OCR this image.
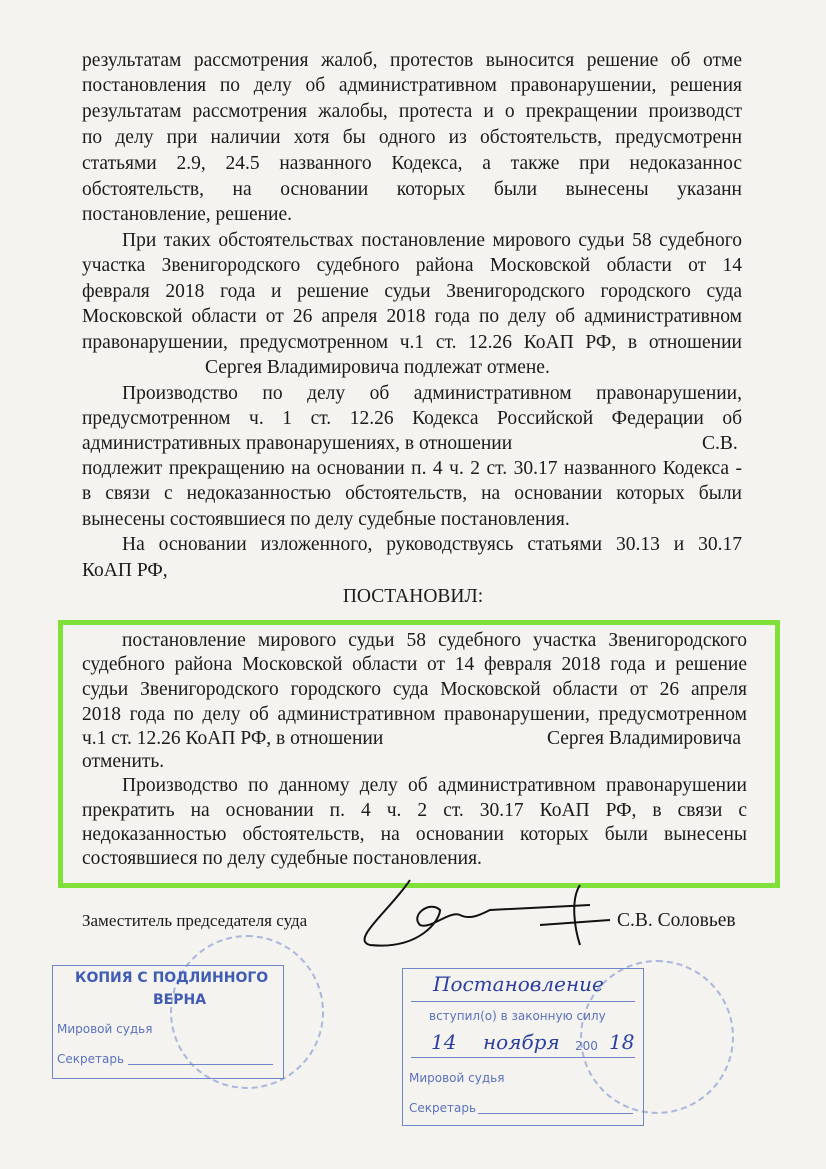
результатам рассмотрения жалоб, протестов выносится решение об отме
постановления по делу об административном правонарушении, решения
результатам рассмотрения жалобы, протеста и о прекращении производст
по делу при наличии хотя бы одного из обстоятельств, предусмотренн
статьями 2.9, 24.5 названного Кодекса, а также при недоказаннос
обстоятельств, на основании которых были вынесены указанн
постановление, решение.
При таких обстоятельствах постановление мирового судьи 58 судебного
участка Звенигородского судебного района Московской области от 14
февраля 2018 года и решение судьи Звенигородского городского суда
Московской области от 26 апреля 2018 года по делу об административном
правонарушении, предусмотренном ч.1 ст. 12.26 КоАП РФ, в отношении
Сергея Владимировича подлежат отмене.
Производство по делу об административном правонарушении,
предусмотренном ч. 1 ст. 12.26 Кодекса Российской Федерации об
административных правонарушениях, в отношении	С.В.
подлежит прекращению на основании п. 4 ч. 2 ст. 30.17 названного Кодекса -
в связи с недоказанностью обстоятельств, на основании которых были
вынесены состоявшиеся по делу судебные постановления.
На основании изложенного, руководствуясь статьями 30.13 и 30.17
КоАП РФ,
ПОСТАНОВИЛ:
постановление мирового судьи 58 судебного участка Звенигородского
судебного района Московской области от 14 февраля 2018 года и решение
судьи Звенигородского городского суда Московской области от 26 апреля
2018 года по делу об административном правонарушении, предусмотренном
ч.1 ст. 12.26 КоАП РФ, в отношении	Сергея Владимировича
отменить.
Производство по данному делу об административном правонарушении
прекратить на основании п. 4 ч. 2 ст. 30.17 КоАП РФ, в связи с
недоказанностью обстоятельств, на основании которых были вынесены
состоявшиеся по делу судебные постановления.
Заместитель председателя суда	С.В. Соловьев
КОПИЯ С ПОДЛИННОГО
ВЕРНА
Мировой судья
Секретарь
Постановление
вступил(о) в законную силу
14 ноября 200 18
Мировой судья
Секретарь
